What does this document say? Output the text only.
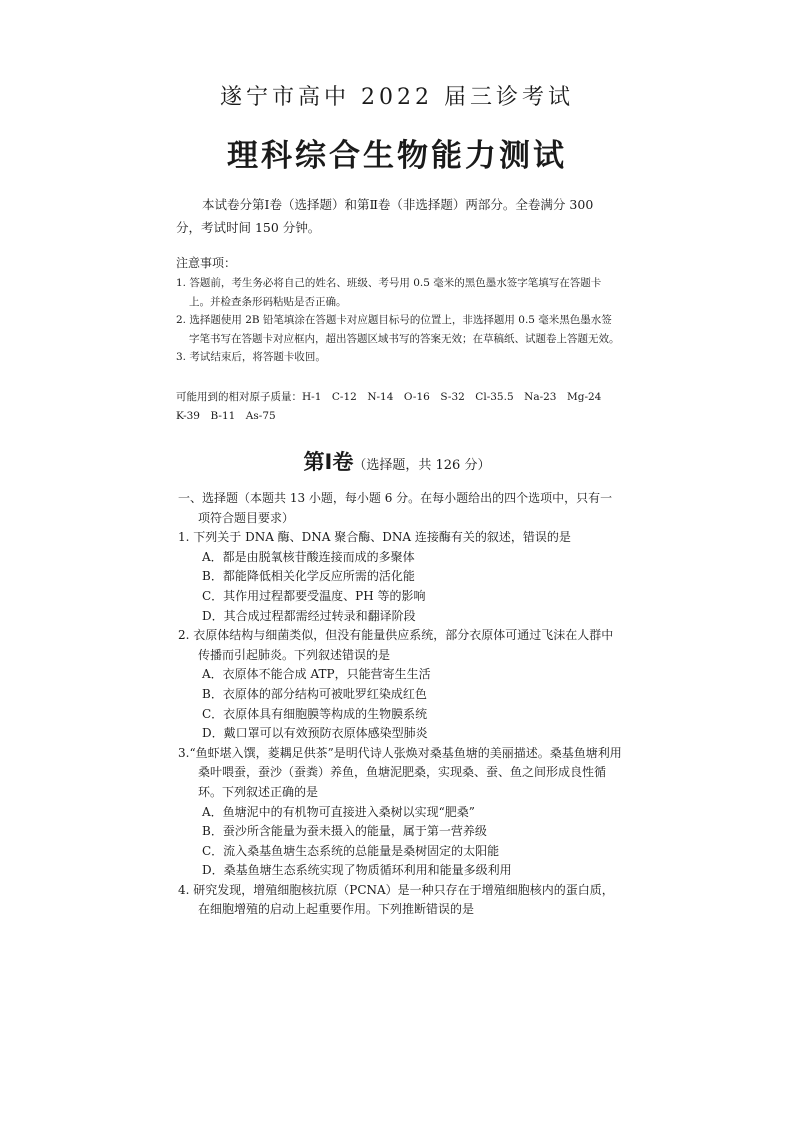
遂宁市高中 2022 届三诊考试
理科综合生物能力测试
本试卷分第Ⅰ卷（选择题）和第Ⅱ卷（非选择题）两部分。全卷满分 300 分，考试时间 150 分钟。
注意事项：

1. 答题前，考生务必将自己的姓名、班级、考号用 0.5 毫米的黑色墨水签字笔填写在答题卡上。并检查条形码粘贴是否正确。

2. 选择题使用 2B 铅笔填涂在答题卡对应题目标号的位置上，非选择题用 0.5 毫米黑色墨水签字笔书写在答题卡对应框内，超出答题区域书写的答案无效；在草稿纸、试题卷上答题无效。

3. 考试结束后，将答题卡收回。

可能用到的相对原子质量：H-1　C-12　N-14　O-16　S-32　Cl-35.5　Na-23　Mg-24　K-39　B-11　As-75
第Ⅰ卷（选择题，共 126 分）
一、选择题（本题共 13 小题，每小题 6 分。在每小题给出的四个选项中，只有一项符合题目要求）
1. 下列关于 DNA 酶、DNA 聚合酶、DNA 连接酶有关的叙述，错误的是
A．都是由脱氧核苷酸连接而成的多聚体
B．都能降低相关化学反应所需的活化能
C．其作用过程都要受温度、PH 等的影响
D．其合成过程都需经过转录和翻译阶段
2. 衣原体结构与细菌类似，但没有能量供应系统，部分衣原体可通过飞沫在人群中传播而引起肺炎。下列叙述错误的是
A．衣原体不能合成 ATP，只能营寄生生活
B．衣原体的部分结构可被吡罗红染成红色
C．衣原体具有细胞膜等构成的生物膜系统
D．戴口罩可以有效预防衣原体感染型肺炎
3.“鱼虾堪入馔，菱耦足供茶”是明代诗人张焕对桑基鱼塘的美丽描述。桑基鱼塘利用桑叶喂蚕，蚕沙（蚕粪）养鱼，鱼塘泥肥桑，实现桑、蚕、鱼之间形成良性循环。下列叙述正确的是
A．鱼塘泥中的有机物可直接进入桑树以实现“肥桑”
B．蚕沙所含能量为蚕未摄入的能量，属于第一营养级
C．流入桑基鱼塘生态系统的总能量是桑树固定的太阳能
D．桑基鱼塘生态系统实现了物质循环利用和能量多级利用
4. 研究发现，增殖细胞核抗原（PCNA）是一种只存在于增殖细胞核内的蛋白质，在细胞增殖的启动上起重要作用。下列推断错误的是
